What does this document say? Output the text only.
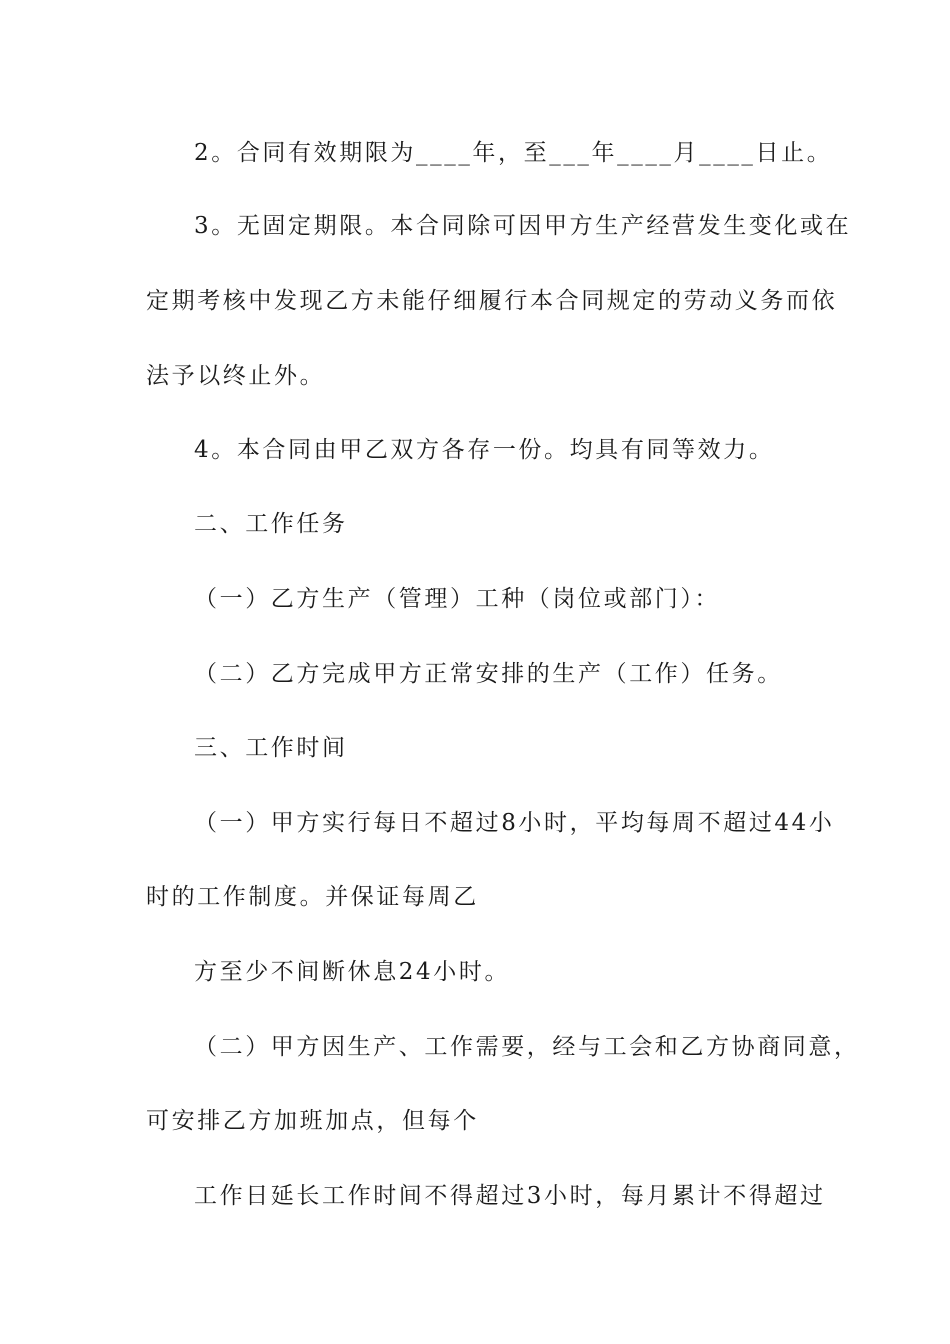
2。合同有效期限为____年，至___年____月____日止。
3。无固定期限。本合同除可因甲方生产经营发生变化或在
定期考核中发现乙方未能仔细履行本合同规定的劳动义务而依
法予以终止外。
4。本合同由甲乙双方各存一份。均具有同等效力。
二、工作任务
（一）乙方生产（管理）工种（岗位或部门）：
（二）乙方完成甲方正常安排的生产（工作）任务。
三、工作时间
（一）甲方实行每日不超过8小时，平均每周不超过44小
时的工作制度。并保证每周乙
方至少不间断休息24小时。
（二）甲方因生产、工作需要，经与工会和乙方协商同意，
可安排乙方加班加点，但每个
工作日延长工作时间不得超过3小时，每月累计不得超过
